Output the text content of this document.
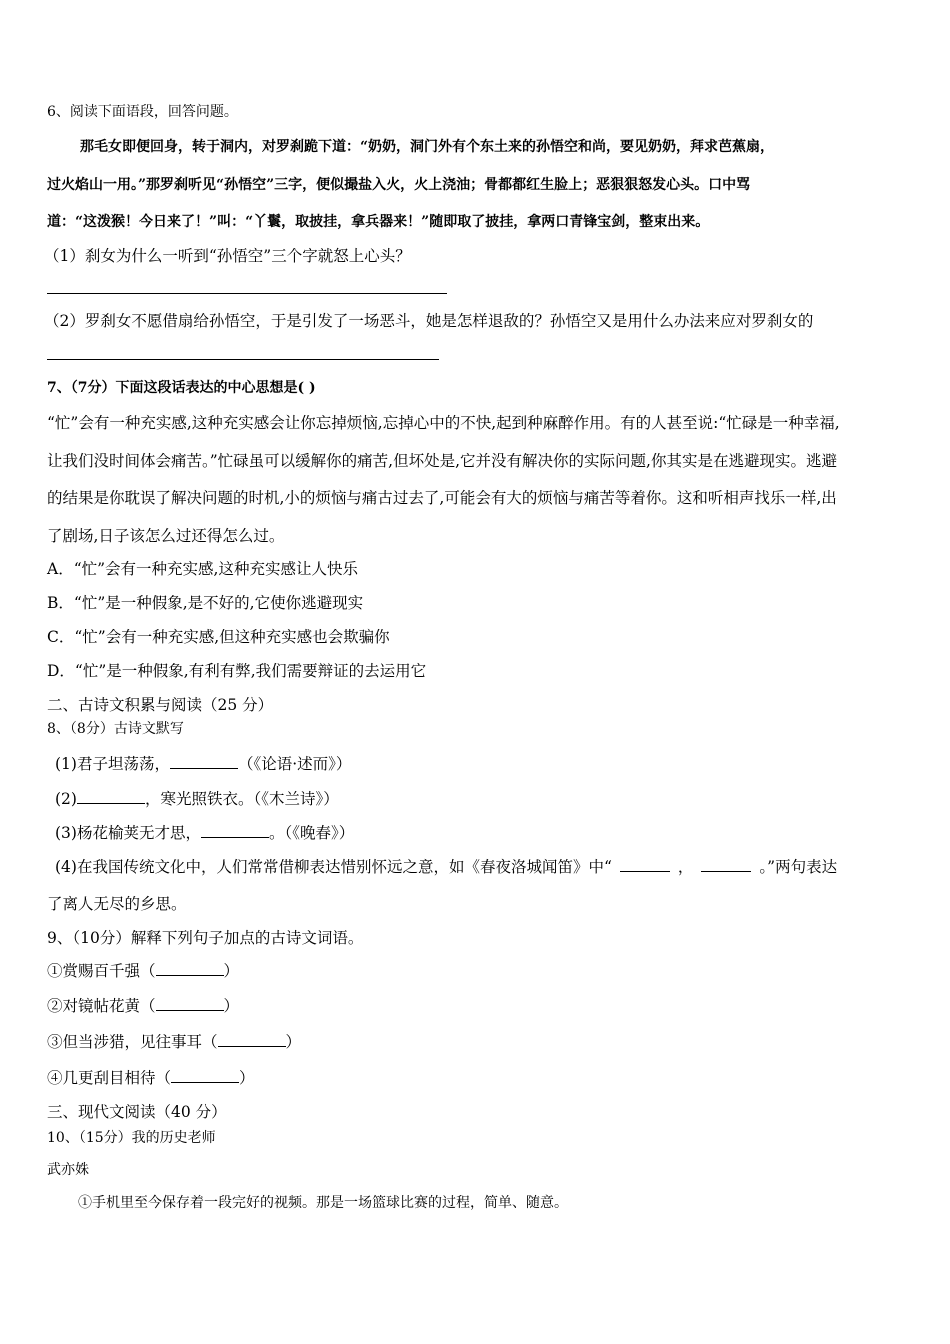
6、阅读下面语段，回答问题。
那毛女即便回身，转于洞内，对罗刹跪下道：“奶奶，洞门外有个东土来的孙悟空和尚，要见奶奶，拜求芭蕉扇，
过火焰山一用。”那罗刹听见“孙悟空”三字，便似撮盐入火，火上浇油；骨都都红生脸上；恶狠狠怒发心头。口中骂
道：“这泼猴！今日来了！”叫：“丫鬟，取披挂，拿兵器来！”随即取了披挂，拿两口青锋宝剑，整束出来。
（1）刹女为什么一听到“孙悟空”三个字就怒上心头？
（2）罗刹女不愿借扇给孙悟空，于是引发了一场恶斗，她是怎样退敌的？孙悟空又是用什么办法来应对罗刹女的
7、（7分）下面这段话表达的中心思想是( )
“忙”会有一种充实感,这种充实感会让你忘掉烦恼,忘掉心中的不快,起到种麻醉作用。有的人甚至说:“忙碌是一种幸福,
让我们没时间体会痛苦。”忙碌虽可以缓解你的痛苦,但坏处是,它并没有解决你的实际问题,你其实是在逃避现实。逃避
的结果是你耽误了解决问题的时机,小的烦恼与痛古过去了,可能会有大的烦恼与痛苦等着你。这和听相声找乐一样,出
了剧场,日子该怎么过还得怎么过。
A．“忙”会有一种充实感,这种充实感让人快乐
B．“忙”是一种假象,是不好的,它使你逃避现实
C．“忙”会有一种充实感,但这种充实感也会欺骗你
D．“忙”是一种假象,有利有弊,我们需要辩证的去运用它
二、古诗文积累与阅读（25 分）
8、（8分）古诗文默写
(1)君子坦荡荡，	（《论语·述而》）
(2)	，寒光照铁衣。（《木兰诗》）
(3)杨花榆荚无才思，	。（《晚春》）
(4)在我国传统文化中，人们常常借柳表达惜别怀远之意，如《春夜洛城闻笛》中“	，	。”两句表达
了离人无尽的乡思。
9、（10分）解释下列句子加点的古诗文词语。
①赏赐百千强（	）
②对镜帖花黄（	）
③但当涉猎，见往事耳（	）
④几更刮目相待（	）
三、现代文阅读（40 分）
10、（15分）我的历史老师
武亦姝
①手机里至今保存着一段完好的视频。那是一场篮球比赛的过程，简单、随意。
